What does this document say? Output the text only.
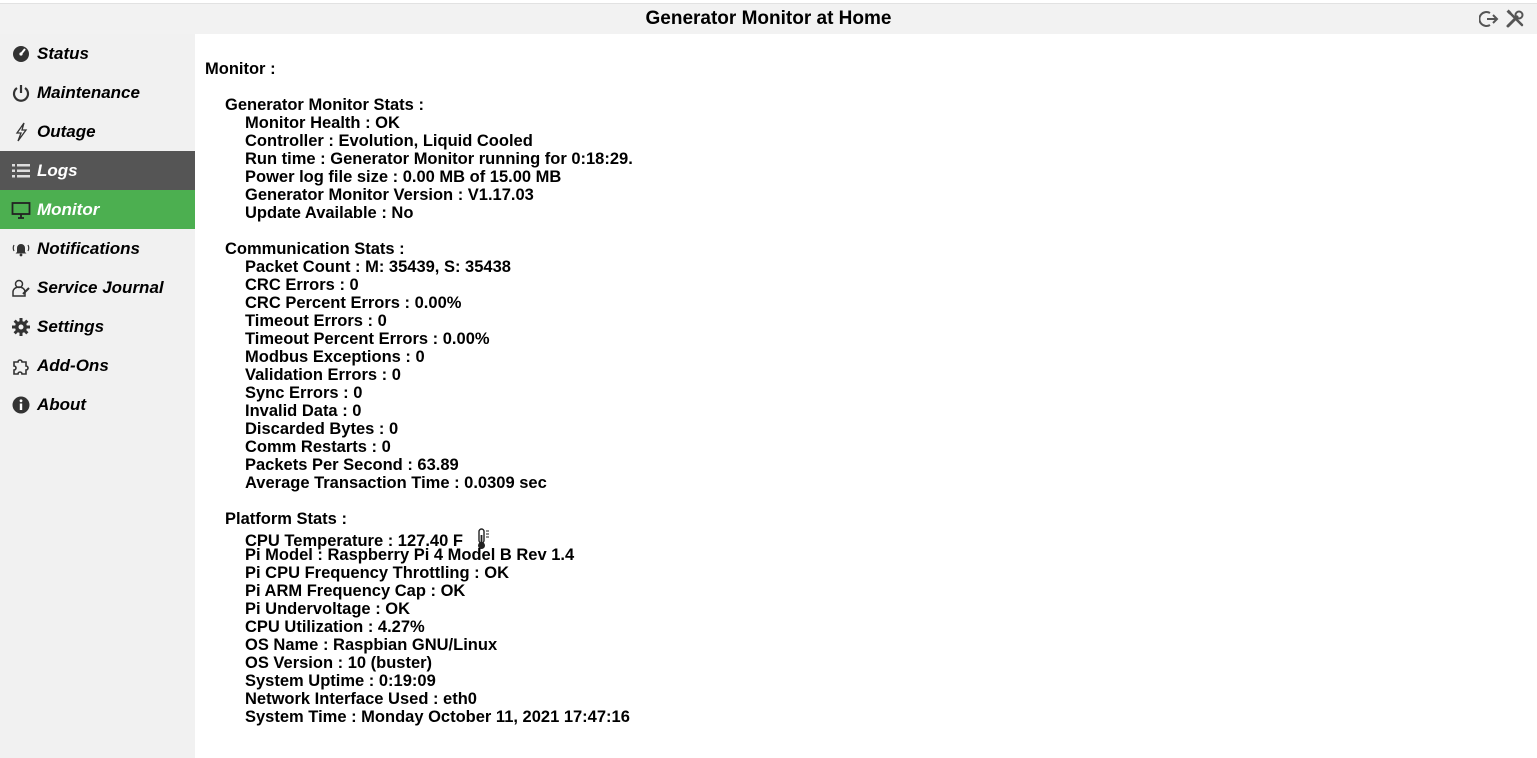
Generator Monitor at Home
Status
Maintenance
Outage
Logs
Monitor
Notifications
Service Journal
Settings
Add-Ons
About
Monitor :
Generator Monitor Stats :
Monitor Health : OK
Controller : Evolution, Liquid Cooled
Run time : Generator Monitor running for 0:18:29.
Power log file size : 0.00 MB of 15.00 MB
Generator Monitor Version : V1.17.03
Update Available : No
Communication Stats :
Packet Count : M: 35439, S: 35438
CRC Errors : 0
CRC Percent Errors : 0.00%
Timeout Errors : 0
Timeout Percent Errors : 0.00%
Modbus Exceptions : 0
Validation Errors : 0
Sync Errors : 0
Invalid Data : 0
Discarded Bytes : 0
Comm Restarts : 0
Packets Per Second : 63.89
Average Transaction Time : 0.0309 sec
Platform Stats :
CPU Temperature : 127.40 F
Pi Model : Raspberry Pi 4 Model B Rev 1.4
Pi CPU Frequency Throttling : OK
Pi ARM Frequency Cap : OK
Pi Undervoltage : OK
CPU Utilization : 4.27%
OS Name : Raspbian GNU/Linux
OS Version : 10 (buster)
System Uptime : 0:19:09
Network Interface Used : eth0
System Time : Monday October 11, 2021 17:47:16
